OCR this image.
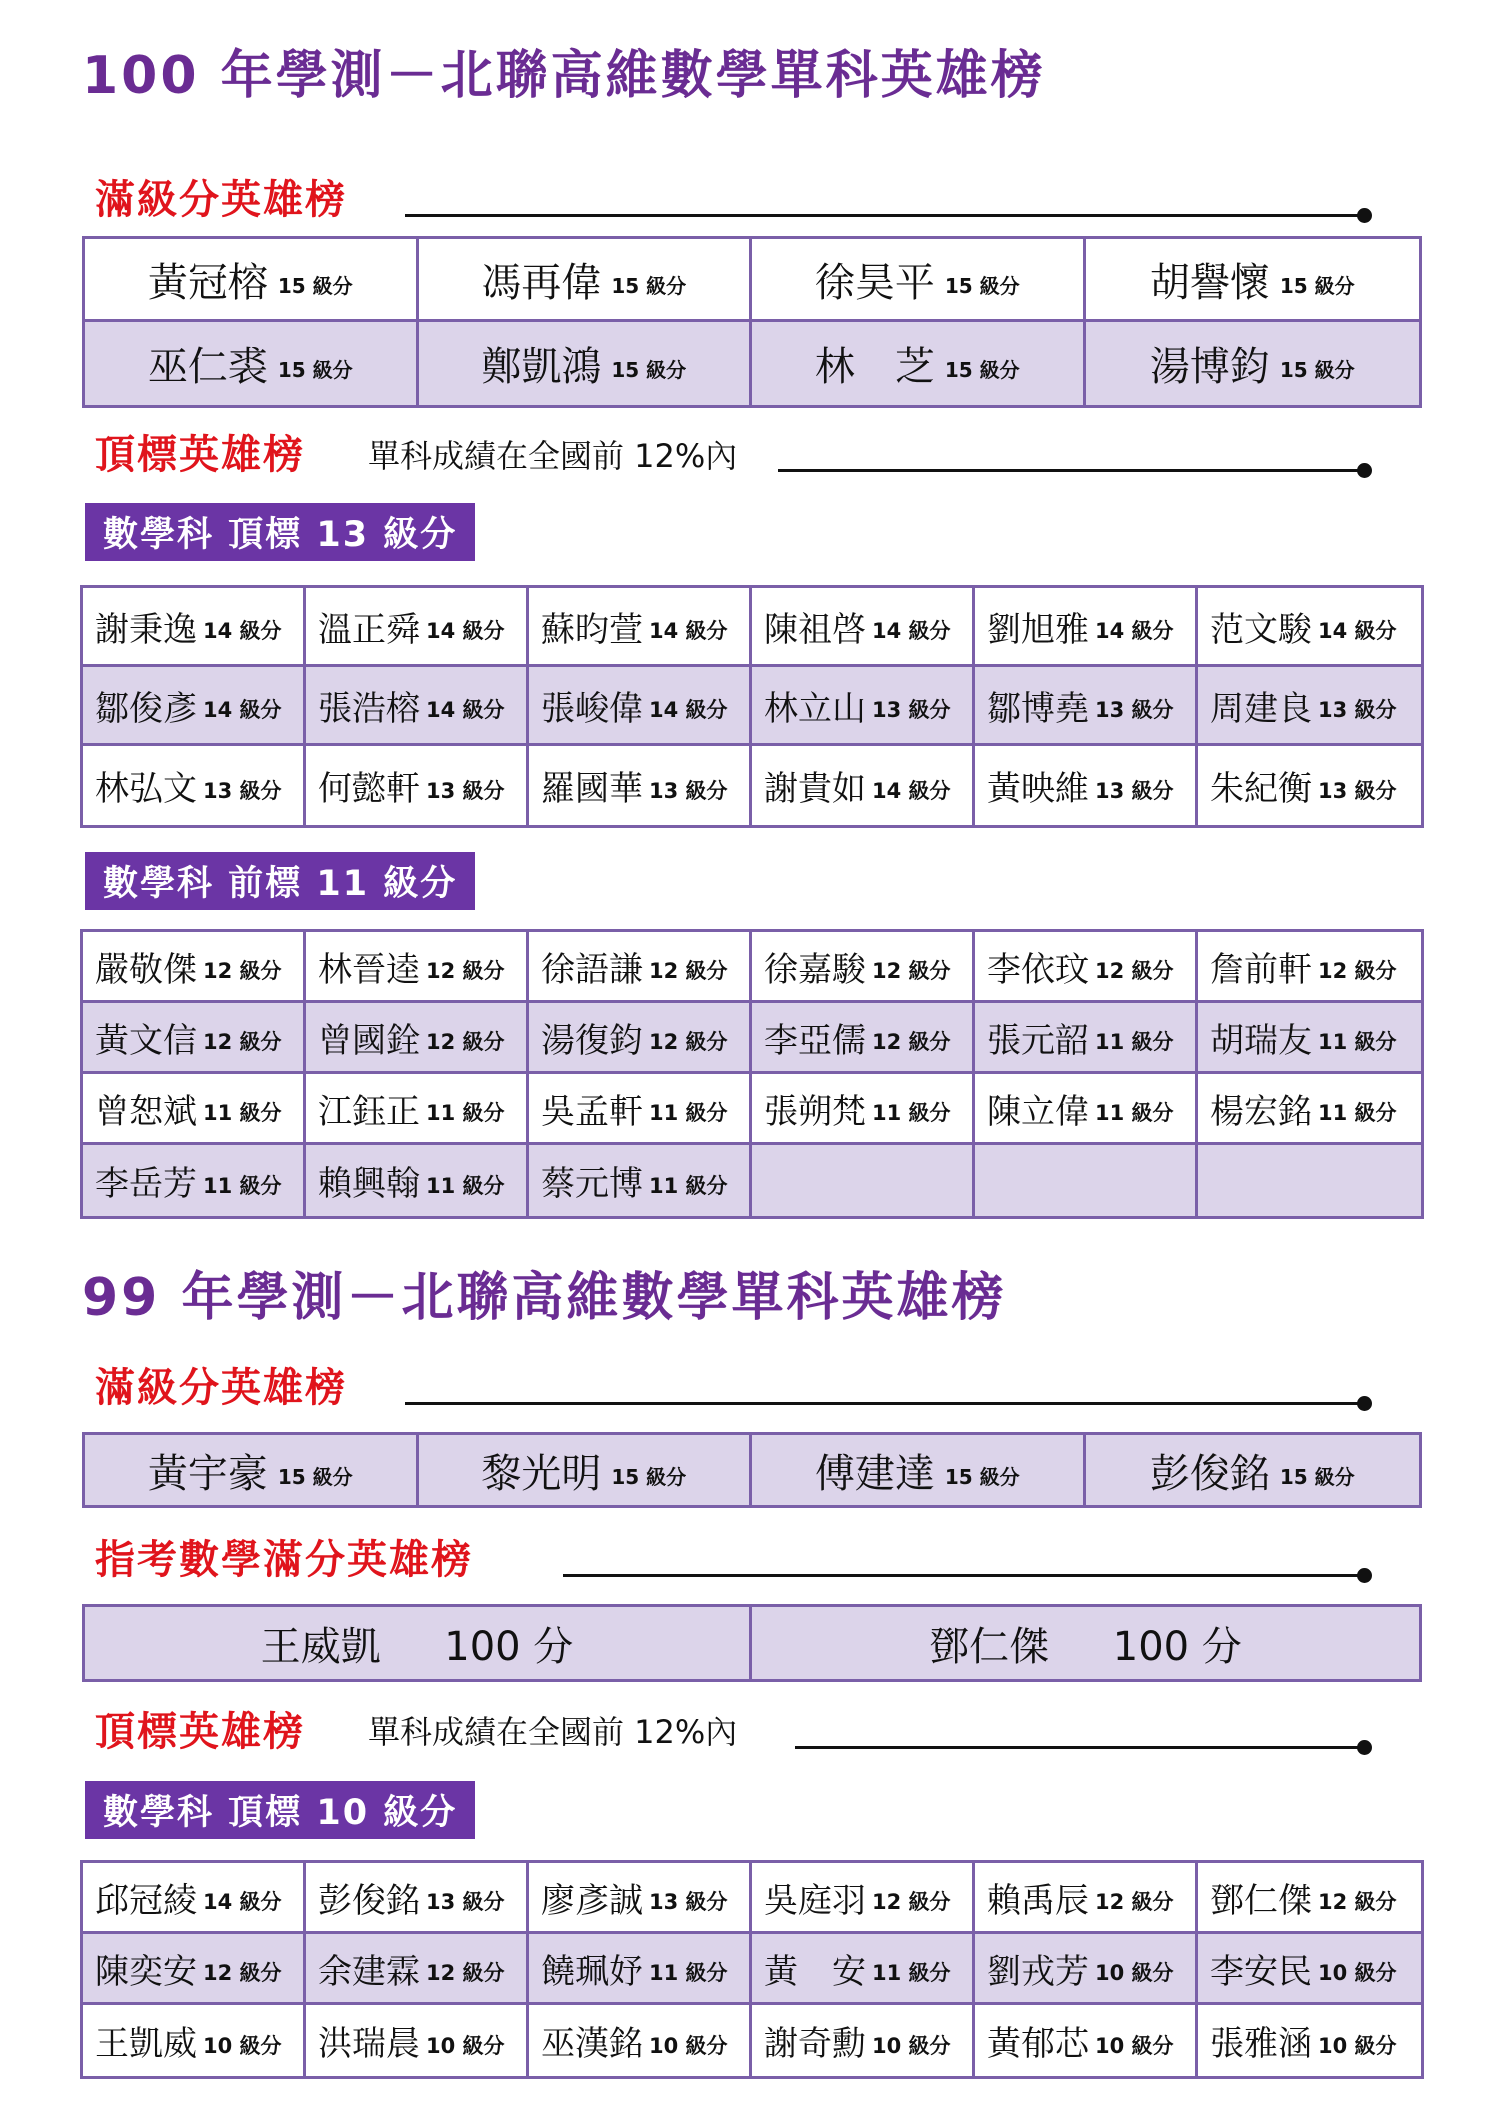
100 年學測－北聯高維數學單科英雄榜
滿級分英雄榜
黃冠榕 15 級分	馮再偉 15 級分	徐昊平 15 級分	胡譽懷 15 級分
巫仁裘 15 級分	鄭凱鴻 15 級分	林　芝 15 級分	湯博鈞 15 級分
頂標英雄榜 單科成績在全國前 12%內
數學科 頂標 13 級分
謝秉逸 14 級分 溫正舜 14 級分 蘇昀萱 14 級分 陳祖啓 14 級分 劉旭雅 14 級分 范文駿 14 級分
鄒俊彥 14 級分 張浩榕 14 級分 張峻偉 14 級分 林立山 13 級分 鄒博堯 13 級分 周建良 13 級分
林弘文 13 級分 何懿軒 13 級分 羅國華 13 級分 謝貴如 14 級分 黃映維 13 級分 朱紀衡 13 級分
數學科 前標 11 級分
嚴敬傑 12 級分 林晉逵 12 級分 徐語謙 12 級分 徐嘉駿 12 級分 李依玟 12 級分 詹前軒 12 級分
黃文信 12 級分 曾國銓 12 級分 湯復鈞 12 級分 李亞儒 12 級分 張元韶 11 級分 胡瑞友 11 級分
曾恕斌 11 級分 江鈺正 11 級分 吳孟軒 11 級分 張朔梵 11 級分 陳立偉 11 級分 楊宏銘 11 級分
李岳芳 11 級分 賴興翰 11 級分 蔡元博 11 級分
99 年學測－北聯高維數學單科英雄榜
滿級分英雄榜
黃宇豪 15 級分	黎光明 15 級分	傅建達 15 級分	彭俊銘 15 級分
指考數學滿分英雄榜
王威凱     100 分	鄧仁傑     100 分
頂標英雄榜 單科成績在全國前 12%內
數學科 頂標 10 級分
邱冠綾 14 級分 彭俊銘 13 級分 廖彥誠 13 級分 吳庭羽 12 級分 賴禹辰 12 級分 鄧仁傑 12 級分
陳奕安 12 級分 余建霖 12 級分 饒珮妤 11 級分 黃　安 11 級分 劉戎芳 10 級分 李安民 10 級分
王凱威 10 級分 洪瑞晨 10 級分 巫漢銘 10 級分 謝奇勳 10 級分 黃郁芯 10 級分 張雅涵 10 級分
